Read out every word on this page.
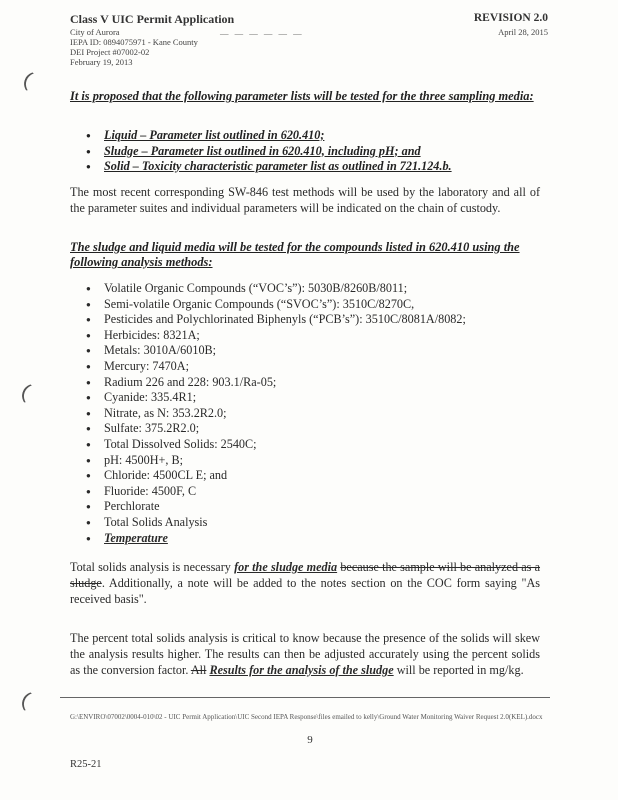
Class V UIC Permit Application
City of Aurora
IEPA ID: 0894075971 - Kane County
DEI Project #07002-02
February 19, 2013
— — — — — —
REVISION 2.0
April 28, 2015
It is proposed that the following parameter lists will be tested for the three sampling media:
● Liquid – Parameter list outlined in 620.410;
● Sludge – Parameter list outlined in 620.410, including pH; and
● Solid – Toxicity characteristic parameter list as outlined in 721.124.b.
The most recent corresponding SW-846 test methods will be used by the laboratory and all of the parameter suites and individual parameters will be indicated on the chain of custody.
The sludge and liquid media will be tested for the compounds listed in 620.410 using the following analysis methods:
● Volatile Organic Compounds (“VOC’s”): 5030B/8260B/8011;
● Semi-volatile Organic Compounds (“SVOC’s”): 3510C/8270C,
● Pesticides and Polychlorinated Biphenyls (“PCB’s”): 3510C/8081A/8082;
● Herbicides: 8321A;
● Metals: 3010A/6010B;
● Mercury: 7470A;
● Radium 226 and 228: 903.1/Ra-05;
● Cyanide: 335.4R1;
● Nitrate, as N: 353.2R2.0;
● Sulfate: 375.2R2.0;
● Total Dissolved Solids: 2540C;
● pH: 4500H+, B;
● Chloride: 4500CL E; and
● Fluoride: 4500F, C
● Perchlorate
● Total Solids Analysis
● Temperature
Total solids analysis is necessary for the sludge media because the sample will be analyzed as a sludge. Additionally, a note will be added to the notes section on the COC form saying "As received basis".
The percent total solids analysis is critical to know because the presence of the solids will skew the analysis results higher. The results can then be adjusted accurately using the percent solids as the conversion factor. All Results for the analysis of the sludge will be reported in mg/kg.
G:\ENVIRO\07002\0004-010\02 - UIC Permit Application\UIC Second IEPA Response\files emailed to kelly\Ground Water Monitoring Waiver Request 2.0(KEL).docx
9
R25-21
